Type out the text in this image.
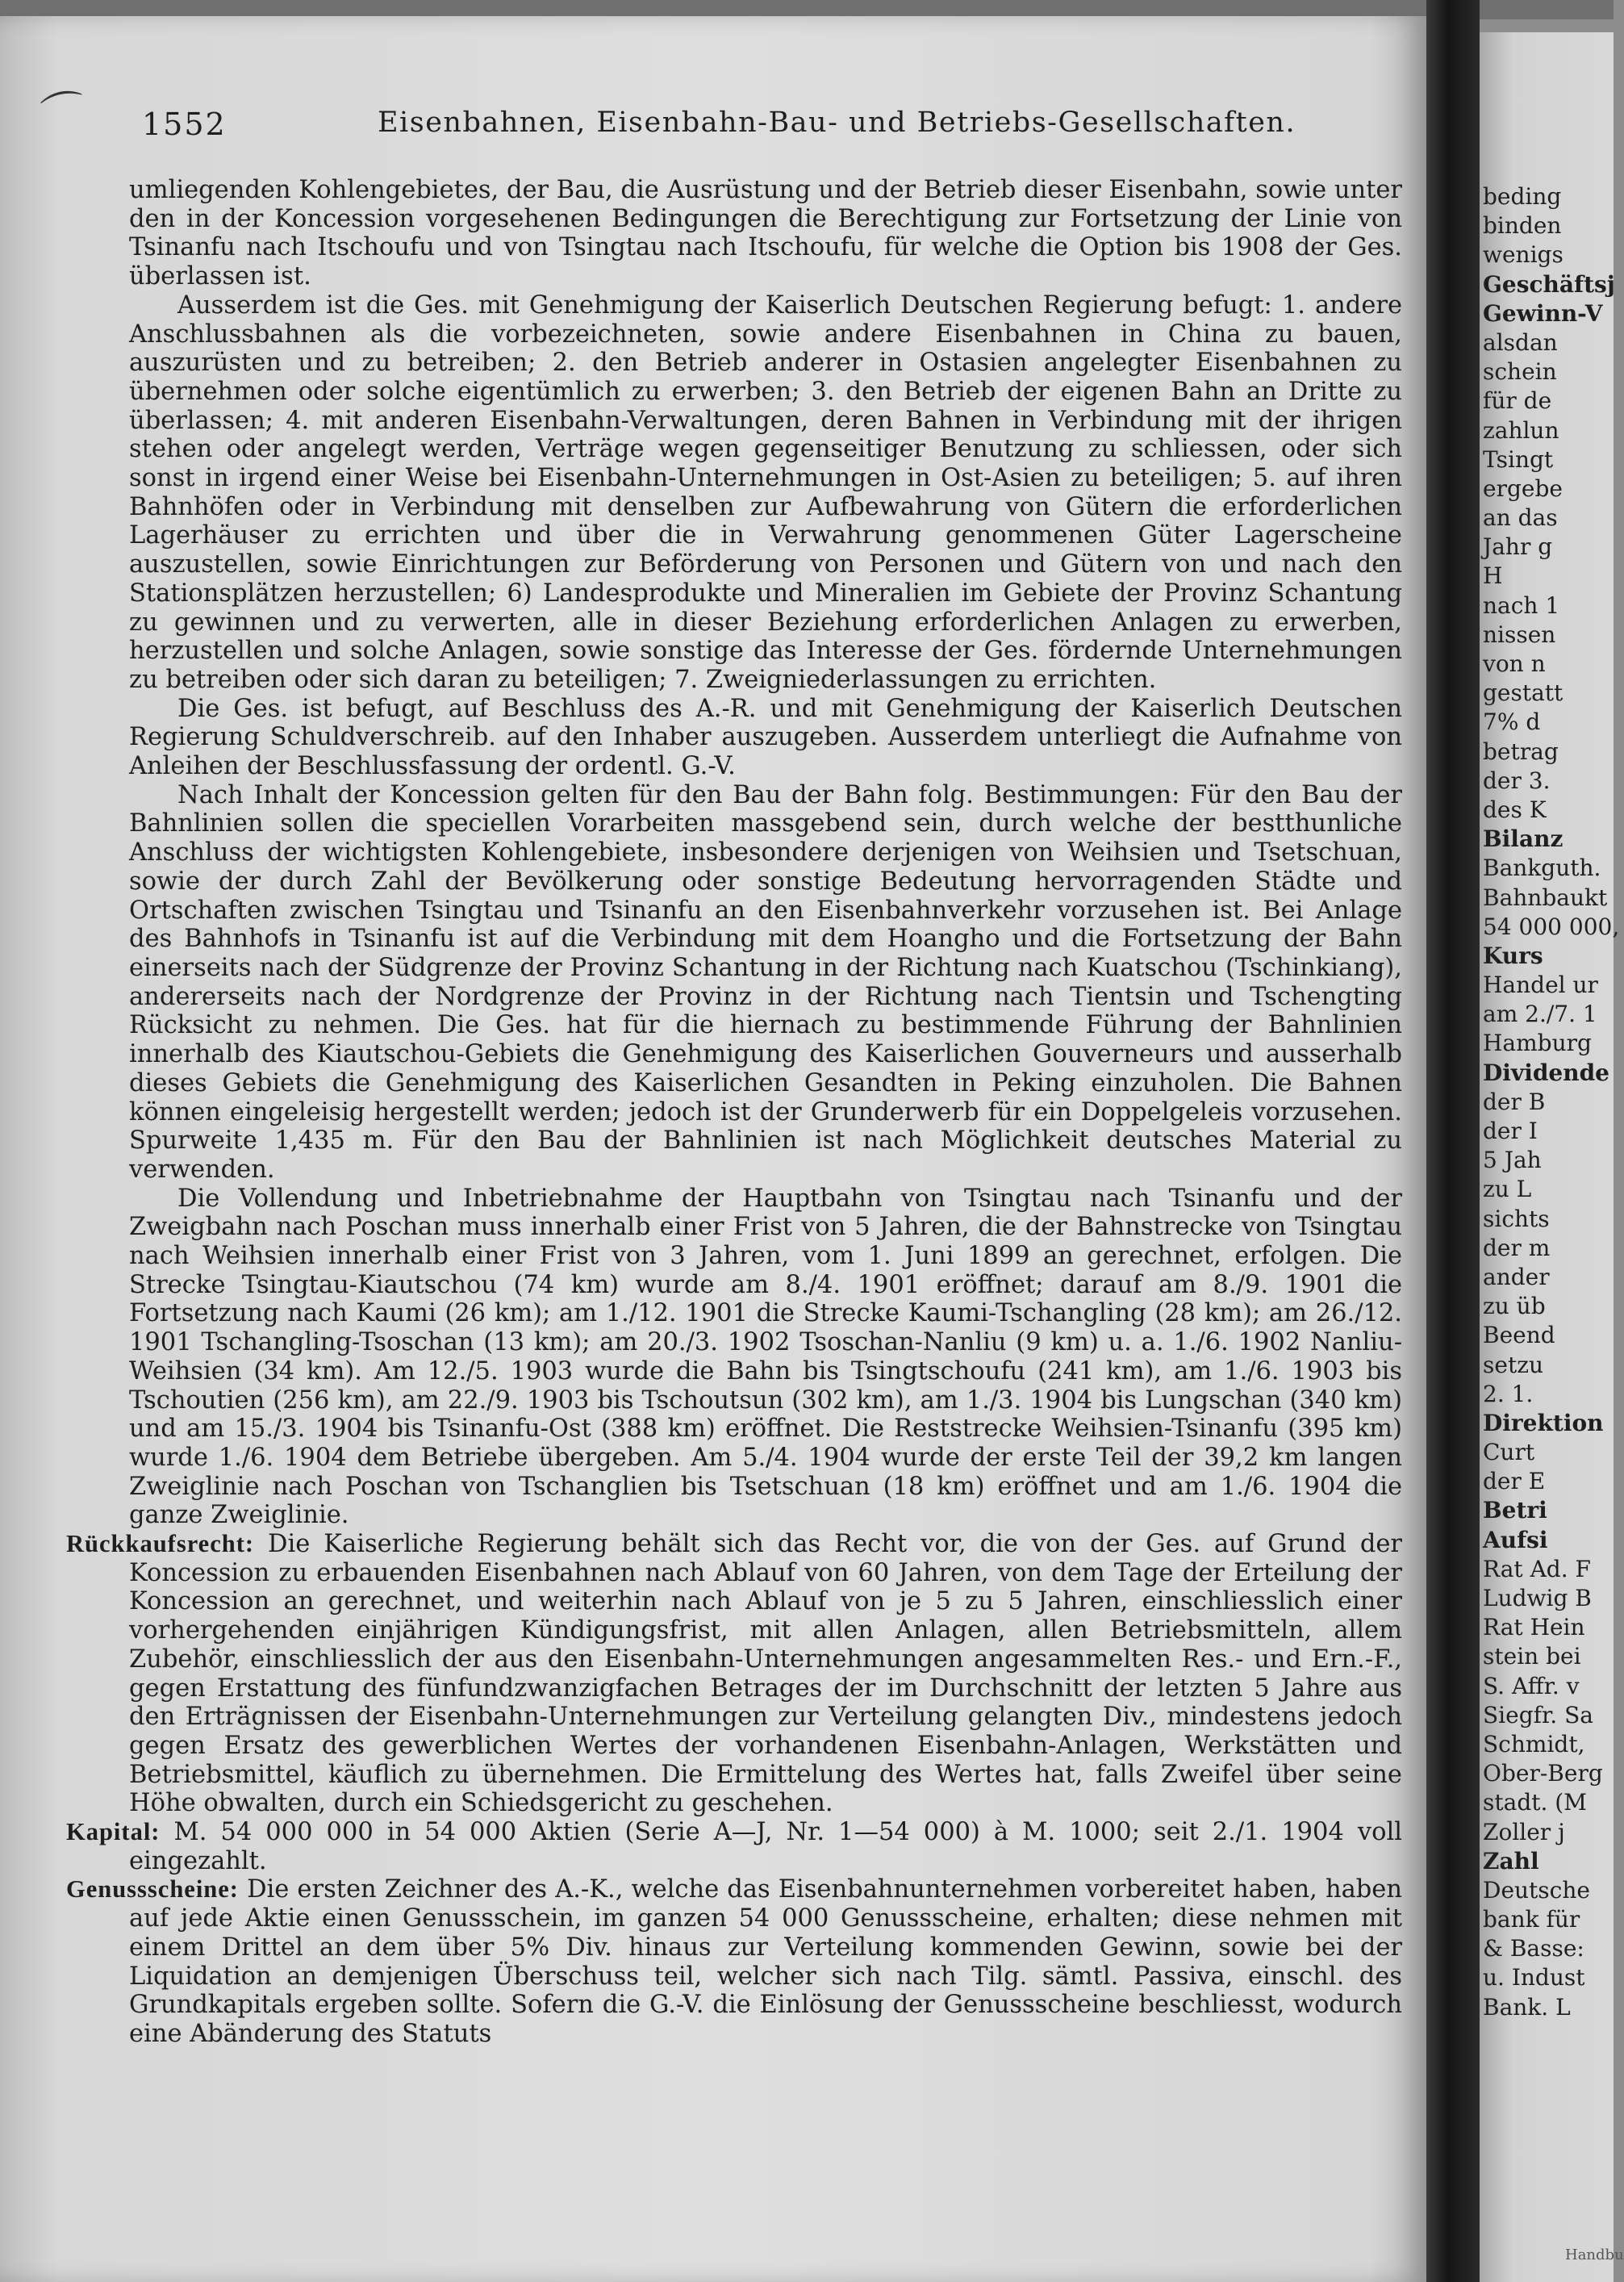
⌒ 1552	Eisenbahnen, Eisenbahn-Bau- und Betriebs-Gesellschaften.

umliegenden Kohlengebietes, der Bau, die Ausrüstung und der Betrieb dieser Eisenbahn, sowie unter den in der Koncession vorgesehenen Bedingungen die Berechtigung zur Fortsetzung der Linie von Tsinanfu nach Itschoufu und von Tsingtau nach Itschoufu, für welche die Option bis 1908 der Ges. überlassen ist.

Ausserdem ist die Ges. mit Genehmigung der Kaiserlich Deutschen Regierung befugt: 1. andere Anschlussbahnen als die vorbezeichneten, sowie andere Eisenbahnen in China zu bauen, auszurüsten und zu betreiben; 2. den Betrieb anderer in Ostasien angelegter Eisenbahnen zu übernehmen oder solche eigentümlich zu erwerben; 3. den Betrieb der eigenen Bahn an Dritte zu überlassen; 4. mit anderen Eisenbahn-Verwaltungen, deren Bahnen in Verbindung mit der ihrigen stehen oder angelegt werden, Verträge wegen gegenseitiger Benutzung zu schliessen, oder sich sonst in irgend einer Weise bei Eisenbahn-Unternehmungen in Ost-Asien zu beteiligen; 5. auf ihren Bahnhöfen oder in Verbindung mit denselben zur Aufbewahrung von Gütern die erforderlichen Lagerhäuser zu errichten und über die in Verwahrung genommenen Güter Lagerscheine auszustellen, sowie Einrichtungen zur Beförderung von Personen und Gütern von und nach den Stationsplätzen herzustellen; 6) Landesprodukte und Mineralien im Gebiete der Provinz Schantung zu gewinnen und zu verwerten, alle in dieser Beziehung erforderlichen Anlagen zu erwerben, herzustellen und solche Anlagen, sowie sonstige das Interesse der Ges. fördernde Unternehmungen zu betreiben oder sich daran zu beteiligen; 7. Zweigniederlassungen zu errichten.

Die Ges. ist befugt, auf Beschluss des A.-R. und mit Genehmigung der Kaiserlich Deutschen Regierung Schuldverschreib. auf den Inhaber auszugeben. Ausserdem unterliegt die Aufnahme von Anleihen der Beschlussfassung der ordentl. G.-V.

Nach Inhalt der Koncession gelten für den Bau der Bahn folg. Bestimmungen: Für den Bau der Bahnlinien sollen die speciellen Vorarbeiten massgebend sein, durch welche der bestthunliche Anschluss der wichtigsten Kohlengebiete, insbesondere derjenigen von Weihsien und Tsetschuan, sowie der durch Zahl der Bevölkerung oder sonstige Bedeutung hervorragenden Städte und Ortschaften zwischen Tsingtau und Tsinanfu an den Eisenbahnverkehr vorzusehen ist. Bei Anlage des Bahnhofs in Tsinanfu ist auf die Verbindung mit dem Hoangho und die Fortsetzung der Bahn einerseits nach der Südgrenze der Provinz Schantung in der Richtung nach Kuatschou (Tschinkiang), andererseits nach der Nordgrenze der Provinz in der Richtung nach Tientsin und Tschengting Rücksicht zu nehmen. Die Ges. hat für die hiernach zu bestimmende Führung der Bahnlinien innerhalb des Kiautschou-Gebiets die Genehmigung des Kaiserlichen Gouverneurs und ausserhalb dieses Gebiets die Genehmigung des Kaiserlichen Gesandten in Peking einzuholen. Die Bahnen können eingeleisig hergestellt werden; jedoch ist der Grunderwerb für ein Doppelgeleis vorzusehen. Spurweite 1,435 m. Für den Bau der Bahnlinien ist nach Möglichkeit deutsches Material zu verwenden.

Die Vollendung und Inbetriebnahme der Hauptbahn von Tsingtau nach Tsinanfu und der Zweigbahn nach Poschan muss innerhalb einer Frist von 5 Jahren, die der Bahnstrecke von Tsingtau nach Weihsien innerhalb einer Frist von 3 Jahren, vom 1. Juni 1899 an gerechnet, erfolgen. Die Strecke Tsingtau-Kiautschou (74 km) wurde am 8./4. 1901 eröffnet; darauf am 8./9. 1901 die Fortsetzung nach Kaumi (26 km); am 1./12. 1901 die Strecke Kaumi-Tschangling (28 km); am 26./12. 1901 Tschangling-Tsoschan (13 km); am 20./3. 1902 Tsoschan-Nanliu (9 km) u. a. 1./6. 1902 Nanliu-Weihsien (34 km). Am 12./5. 1903 wurde die Bahn bis Tsingtschoufu (241 km), am 1./6. 1903 bis Tschoutien (256 km), am 22./9. 1903 bis Tschoutsun (302 km), am 1./3. 1904 bis Lungschan (340 km) und am 15./3. 1904 bis Tsinanfu-Ost (388 km) eröffnet. Die Reststrecke Weihsien-Tsinanfu (395 km) wurde 1./6. 1904 dem Betriebe übergeben. Am 5./4. 1904 wurde der erste Teil der 39,2 km langen Zweiglinie nach Poschan von Tschanglien bis Tsetschuan (18 km) eröffnet und am 1./6. 1904 die ganze Zweiglinie.

Rückkaufsrecht: Die Kaiserliche Regierung behält sich das Recht vor, die von der Ges. auf Grund der Koncession zu erbauenden Eisenbahnen nach Ablauf von 60 Jahren, von dem Tage der Erteilung der Koncession an gerechnet, und weiterhin nach Ablauf von je 5 zu 5 Jahren, einschliesslich einer vorhergehenden einjährigen Kündigungsfrist, mit allen Anlagen, allen Betriebsmitteln, allem Zubehör, einschliesslich der aus den Eisenbahn-Unternehmungen angesammelten Res.- und Ern.-F., gegen Erstattung des fünfundzwanzigfachen Betrages der im Durchschnitt der letzten 5 Jahre aus den Erträgnissen der Eisenbahn-Unternehmungen zur Verteilung gelangten Div., mindestens jedoch gegen Ersatz des gewerblichen Wertes der vorhandenen Eisenbahn-Anlagen, Werkstätten und Betriebsmittel, käuflich zu übernehmen. Die Ermittelung des Wertes hat, falls Zweifel über seine Höhe obwalten, durch ein Schiedsgericht zu geschehen.

Kapital: M. 54 000 000 in 54 000 Aktien (Serie A—J, Nr. 1—54 000) à M. 1000; seit 2./1. 1904 voll eingezahlt.

Genussscheine: Die ersten Zeichner des A.-K., welche das Eisenbahnunternehmen vorbereitet haben, haben auf jede Aktie einen Genussschein, im ganzen 54 000 Genussscheine, erhalten; diese nehmen mit einem Drittel an dem über 5% Div. hinaus zur Verteilung kommenden Gewinn, sowie bei der Liquidation an demjenigen Überschuss teil, welcher sich nach Tilg. sämtl. Passiva, einschl. des Grundkapitals ergeben sollte. Sofern die G.-V. die Einlösung der Genussscheine beschliesst, wodurch eine Abänderung des Statuts

beding
binden
wenigs
Geschäftsj
Gewinn-V
alsdan
schein
für de
zahlun
Tsingt
ergebe
an das
Jahr g
H
nach 1
nissen
von n
gestatt
7% d
betrag
der 3.
des K
Bilanz
Bankguth.
Bahnbaukt
54 000 000,
Kurs
Handel ur
am 2./7. 1
Hamburg
Dividende
der B
der I
5 Jah
zu L
sichts
der m
ander
zu üb
Beend
setzu
2. 1.
Direktion
Curt
der E
Betri
Aufsi
Rat Ad. F
Ludwig B
Rat Hein
stein bei
S. Affr. v
Siegfr. Sa
Schmidt,
Ober-Berg
stadt. (M
Zoller j
Zahl
Deutsche
bank für
& Basse:
u. Indust
Bank. L
Handbu
